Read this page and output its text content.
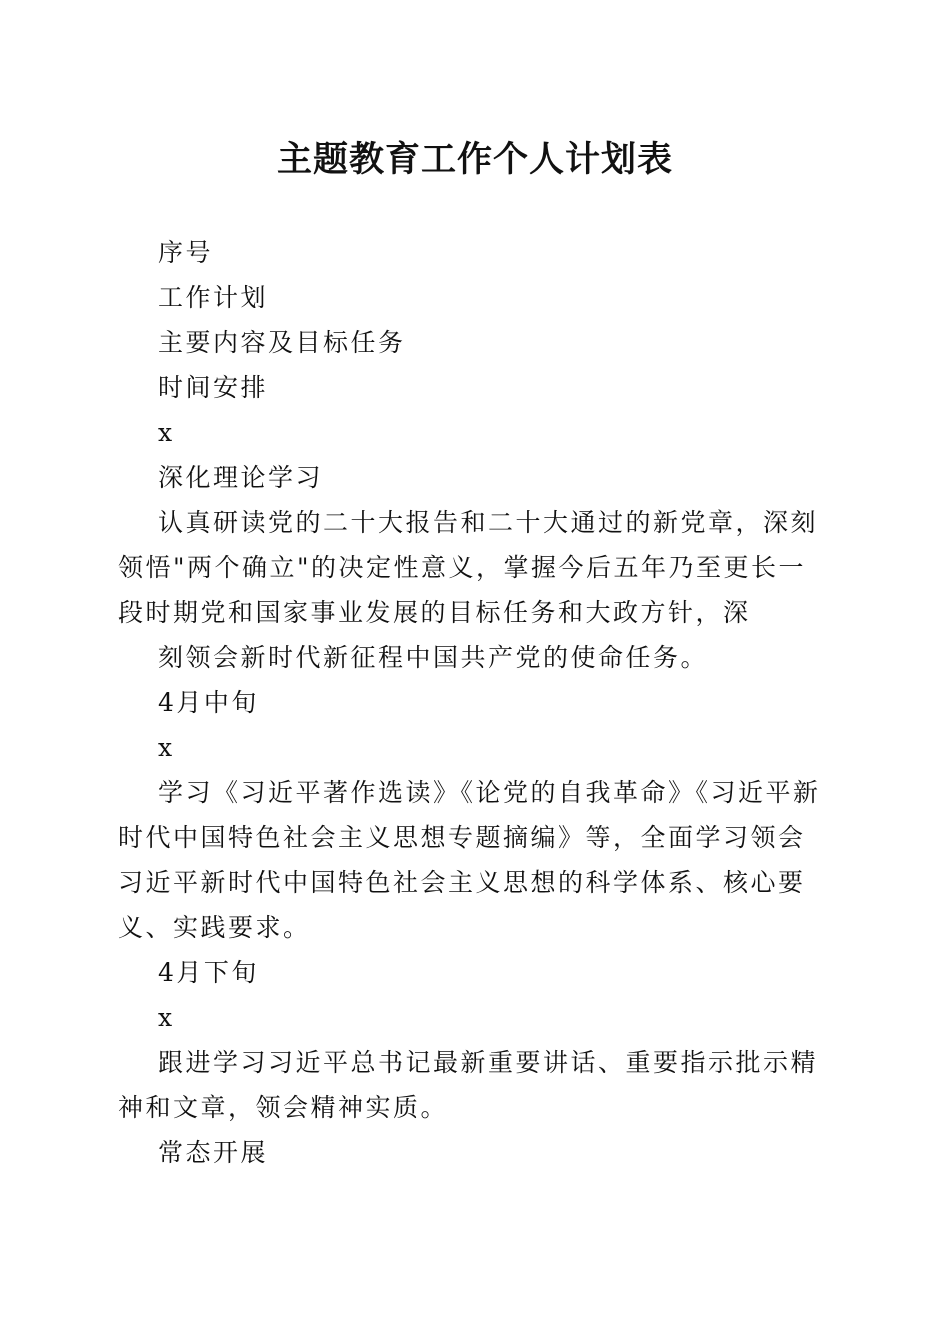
主题教育工作个人计划表

序号

工作计划

主要内容及目标任务

时间安排

x

深化理论学习

认真研读党的二十大报告和二十大通过的新党章，深刻领悟"两个确立"的决定性意义，掌握今后五年乃至更长一段时期党和国家事业发展的目标任务和大政方针，深

刻领会新时代新征程中国共产党的使命任务。

4月中旬

x

学习《习近平著作选读》《论党的自我革命》《习近平新时代中国特色社会主义思想专题摘编》等，全面学习领会习近平新时代中国特色社会主义思想的科学体系、核心要义、实践要求。

4月下旬

x

跟进学习习近平总书记最新重要讲话、重要指示批示精神和文章，领会精神实质。

常态开展
